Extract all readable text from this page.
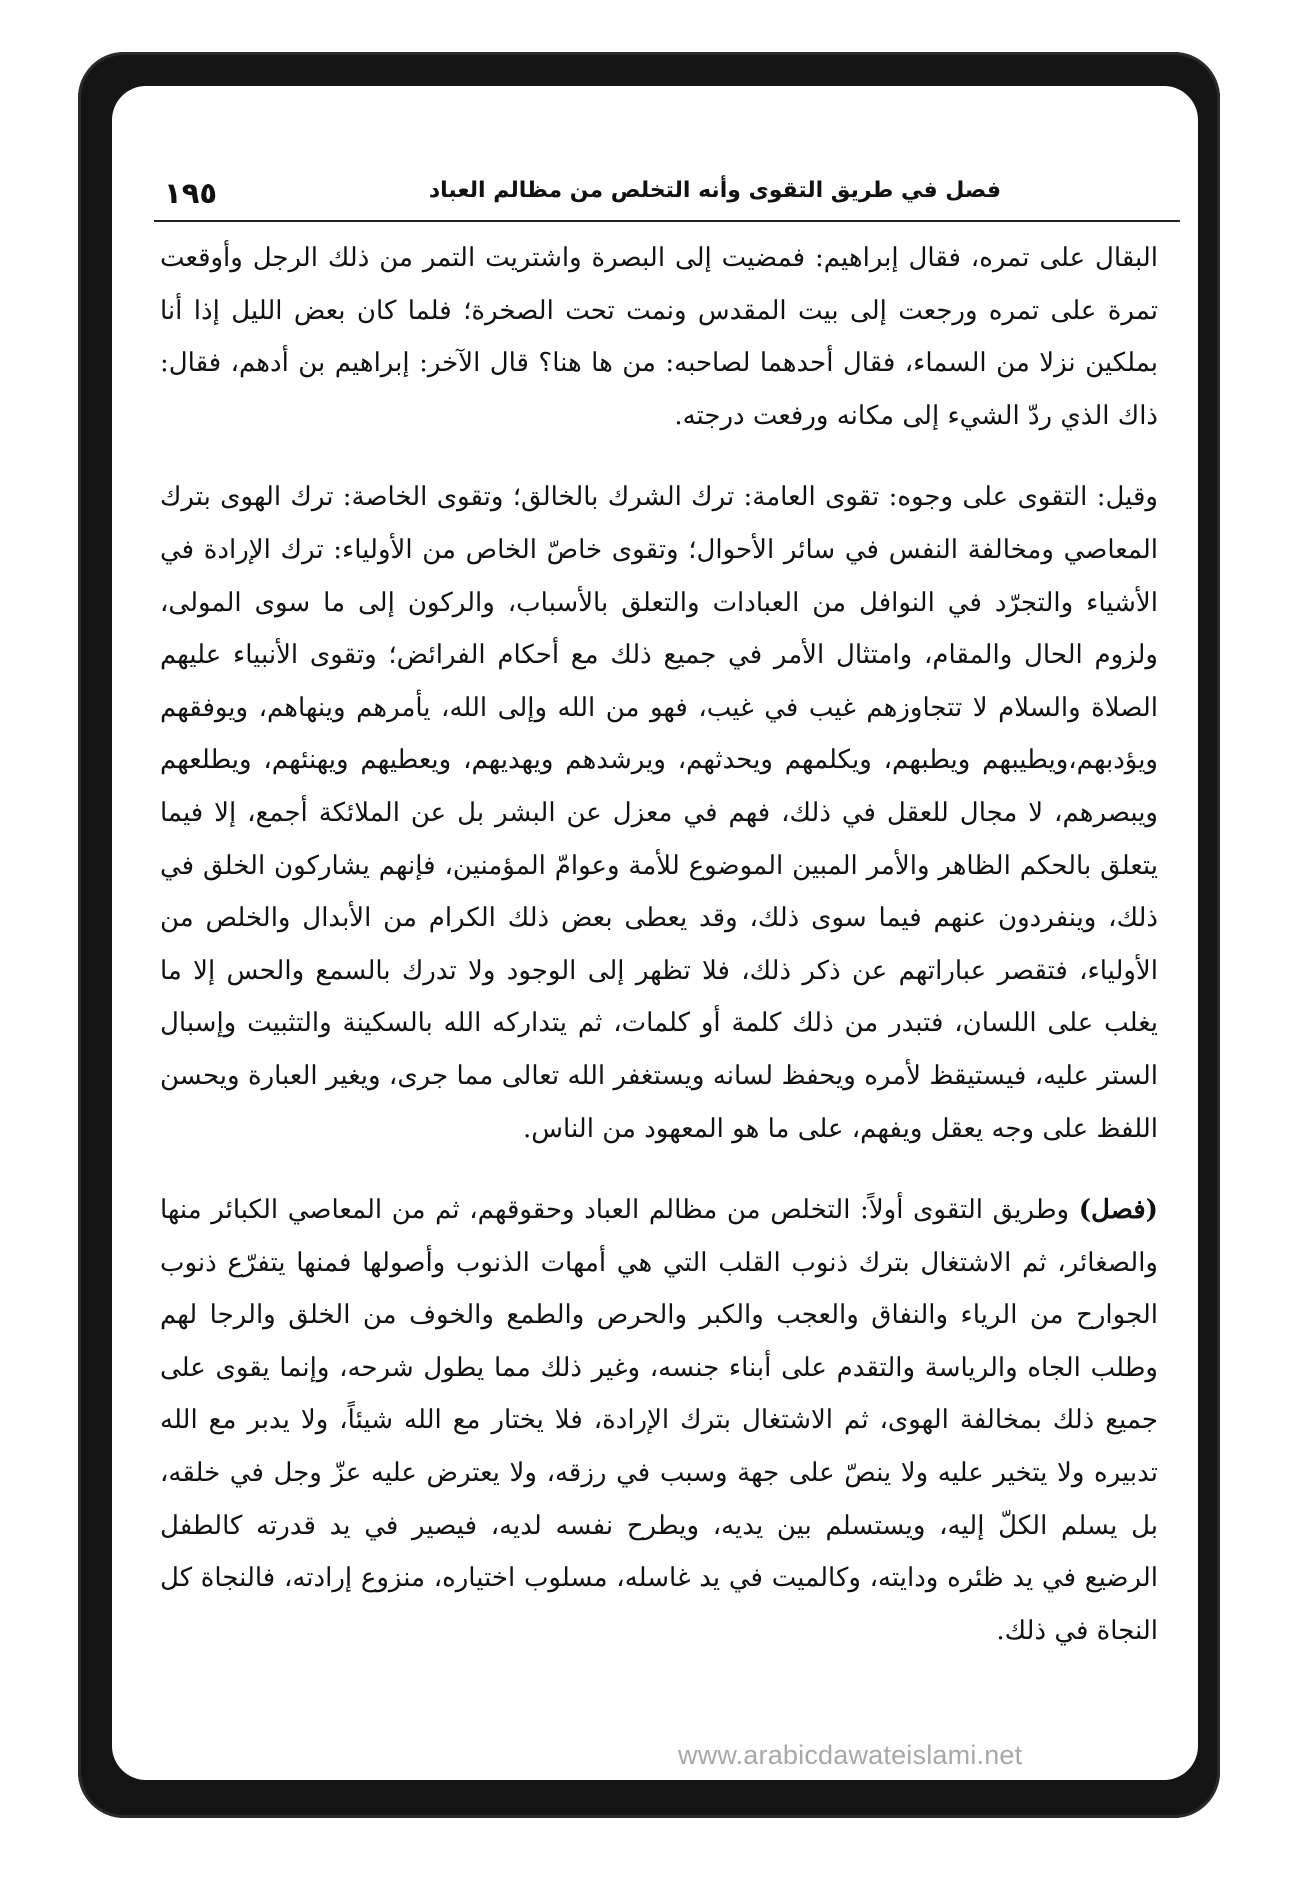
١٩٥	فصل في طريق التقوى وأنه التخلص من مظالم العباد

البقال على تمره، فقال إبراهيم: فمضيت إلى البصرة واشتريت التمر من ذلك الرجل وأوقعت تمرة على تمره ورجعت إلى بيت المقدس ونمت تحت الصخرة؛ فلما كان بعض الليل إذا أنا بملكين نزلا من السماء، فقال أحدهما لصاحبه: من ها هنا؟ قال الآخر: إبراهيم بن أدهم، فقال: ذاك الذي ردّ الشيء إلى مكانه ورفعت درجته.

وقيل: التقوى على وجوه: تقوى العامة: ترك الشرك بالخالق؛ وتقوى الخاصة: ترك الهوى بترك المعاصي ومخالفة النفس في سائر الأحوال؛ وتقوى خاصّ الخاص من الأولياء: ترك الإرادة في الأشياء والتجرّد في النوافل من العبادات والتعلق بالأسباب، والركون إلى ما سوى المولى، ولزوم الحال والمقام، وامتثال الأمر في جميع ذلك مع أحكام الفرائض؛ وتقوى الأنبياء عليهم الصلاة والسلام لا تتجاوزهم غيب في غيب، فهو من الله وإلى الله، يأمرهم وينهاهم، ويوفقهم ويؤدبهم،ويطيبهم ويطبهم، ويكلمهم ويحدثهم، ويرشدهم ويهديهم، ويعطيهم ويهنئهم، ويطلعهم ويبصرهم، لا مجال للعقل في ذلك، فهم في معزل عن البشر بل عن الملائكة أجمع، إلا فيما يتعلق بالحكم الظاهر والأمر المبين الموضوع للأمة وعوامّ المؤمنين، فإنهم يشاركون الخلق في ذلك، وينفردون عنهم فيما سوى ذلك، وقد يعطى بعض ذلك الكرام من الأبدال والخلص من الأولياء، فتقصر عباراتهم عن ذكر ذلك، فلا تظهر إلى الوجود ولا تدرك بالسمع والحس إلا ما يغلب على اللسان، فتبدر من ذلك كلمة أو كلمات، ثم يتداركه الله بالسكينة والتثبيت وإسبال الستر عليه، فيستيقظ لأمره ويحفظ لسانه ويستغفر الله تعالى مما جرى، ويغير العبارة ويحسن اللفظ على وجه يعقل ويفهم، على ما هو المعهود من الناس.

(فصل) وطريق التقوى أولاً: التخلص من مظالم العباد وحقوقهم، ثم من المعاصي الكبائر منها والصغائر، ثم الاشتغال بترك ذنوب القلب التي هي أمهات الذنوب وأصولها فمنها يتفرّع ذنوب الجوارح من الرياء والنفاق والعجب والكبر والحرص والطمع والخوف من الخلق والرجا لهم وطلب الجاه والرياسة والتقدم على أبناء جنسه، وغير ذلك مما يطول شرحه، وإنما يقوى على جميع ذلك بمخالفة الهوى، ثم الاشتغال بترك الإرادة، فلا يختار مع الله شيئاً، ولا يدبر مع الله تدبيره ولا يتخير عليه ولا ينصّ على جهة وسبب في رزقه، ولا يعترض عليه عزّ وجل في خلقه، بل يسلم الكلّ إليه، ويستسلم بين يديه، ويطرح نفسه لديه، فيصير في يد قدرته كالطفل الرضيع في يد ظئره ودايته، وكالميت في يد غاسله، مسلوب اختياره، منزوع إرادته، فالنجاة كل النجاة في ذلك.

www.arabicdawateislami.net
